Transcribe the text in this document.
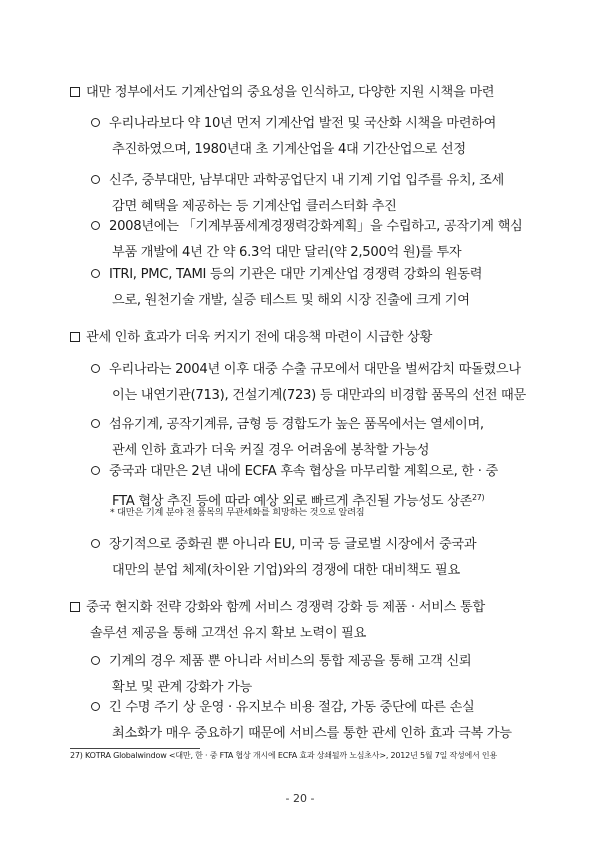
대만 정부에서도 기계산업의 중요성을 인식하고, 다양한 지원 시책을 마련
우리나라보다 약 10년 먼저 기계산업 발전 및 국산화 시책을 마련하여
추진하였으며, 1980년대 초 기계산업을 4대 기간산업으로 선정
신주, 중부대만, 남부대만 과학공업단지 내 기계 기업 입주를 유치, 조세
감면 혜택을 제공하는 등 기계산업 클러스터화 추진
2008년에는 「기계부품세계경쟁력강화계획」을 수립하고, 공작기계 핵심
부품 개발에 4년 간 약 6.3억 대만 달러(약 2,500억 원)를 투자
ITRI, PMC, TAMI 등의 기관은 대만 기계산업 경쟁력 강화의 원동력
으로, 원천기술 개발, 실증 테스트 및 해외 시장 진출에 크게 기여
관세 인하 효과가 더욱 커지기 전에 대응책 마련이 시급한 상황
우리나라는 2004년 이후 대중 수출 규모에서 대만을 벌써감치 따돌렸으나
이는 내연기관(713), 건설기계(723) 등 대만과의 비경합 품목의 선전 때문
섬유기계, 공작기계류, 금형 등 경합도가 높은 품목에서는 열세이며,
관세 인하 효과가 더욱 커질 경우 어려움에 봉착할 가능성
중국과 대만은 2년 내에 ECFA 후속 협상을 마무리할 계획으로, 한 · 중
FTA 협상 추진 등에 따라 예상 외로 빠르게 추진될 가능성도 상존$^{27)}$
* 대만은 기계 분야 전 품목의 무관세화를 희망하는 것으로 알려짐
장기적으로 중화권 뿐 아니라 EU, 미국 등 글로벌 시장에서 중국과
대만의 분업 체제(차이완 기업)와의 경쟁에 대한 대비책도 필요
중국 현지화 전략 강화와 함께 서비스 경쟁력 강화 등 제품 · 서비스 통합
솔루션 제공을 통해 고객선 유지 확보 노력이 필요
기계의 경우 제품 뿐 아니라 서비스의 통합 제공을 통해 고객 신뢰
확보 및 관계 강화가 가능
긴 수명 주기 상 운영 · 유지보수 비용 절감, 가동 중단에 따른 손실
최소화가 매우 중요하기 때문에 서비스를 통한 관세 인하 효과 극복 가능
27) KOTRA Globalwindow <대만, 한 · 중 FTA 협상 개시에 ECFA 효과 상쇄될까 노심초사>, 2012년 5월 7일 작성에서 인용
- 20 -
